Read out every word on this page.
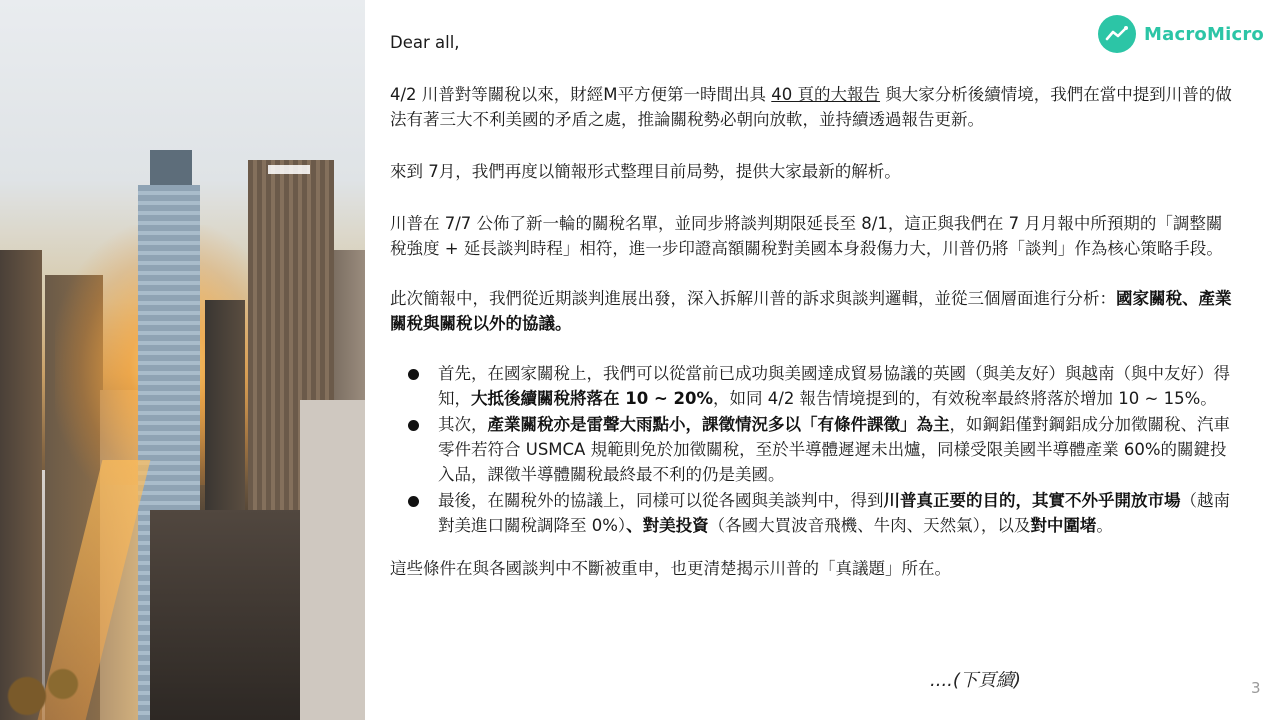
MacroMicro

Dear all,

4/2 川普對等關稅以來，財經M平方便第一時間出具 40 頁的大報告 與大家分析後續情境，我們在當中提到川普的做法有著三大不利美國的矛盾之處，推論關稅勢必朝向放軟，並持續透過報告更新。

來到 7月，我們再度以簡報形式整理目前局勢，提供大家最新的解析。

川普在 7/7 公佈了新一輪的關稅名單，並同步將談判期限延長至 8/1，這正與我們在 7 月月報中所預期的「調整關稅強度 + 延長談判時程」相符，進一步印證高額關稅對美國本身殺傷力大，川普仍將「談判」作為核心策略手段。

此次簡報中，我們從近期談判進展出發，深入拆解川普的訴求與談判邏輯，並從三個層面進行分析：國家關稅、產業關稅與關稅以外的協議。

首先，在國家關稅上，我們可以從當前已成功與美國達成貿易協議的英國（與美友好）與越南（與中友好）得知，大抵後續關稅將落在 10 ~ 20%，如同 4/2 報告情境提到的，有效稅率最終將落於增加 10 ~ 15%。
其次，產業關稅亦是雷聲大雨點小，課徵情況多以「有條件課徵」為主，如鋼鋁僅對鋼鋁成分加徵關稅、汽車零件若符合 USMCA 規範則免於加徵關稅，至於半導體遲遲未出爐，同樣受限美國半導體產業 60%的關鍵投入品，課徵半導體關稅最終最不利的仍是美國。
最後，在關稅外的協議上，同樣可以從各國與美談判中，得到川普真正要的目的，其實不外乎開放市場（越南對美進口關稅調降至 0%）、對美投資（各國大買波音飛機、牛肉、天然氣），以及對中圍堵。

這些條件在與各國談判中不斷被重申，也更清楚揭示川普的「真議題」所在。

....(下頁續)	3
